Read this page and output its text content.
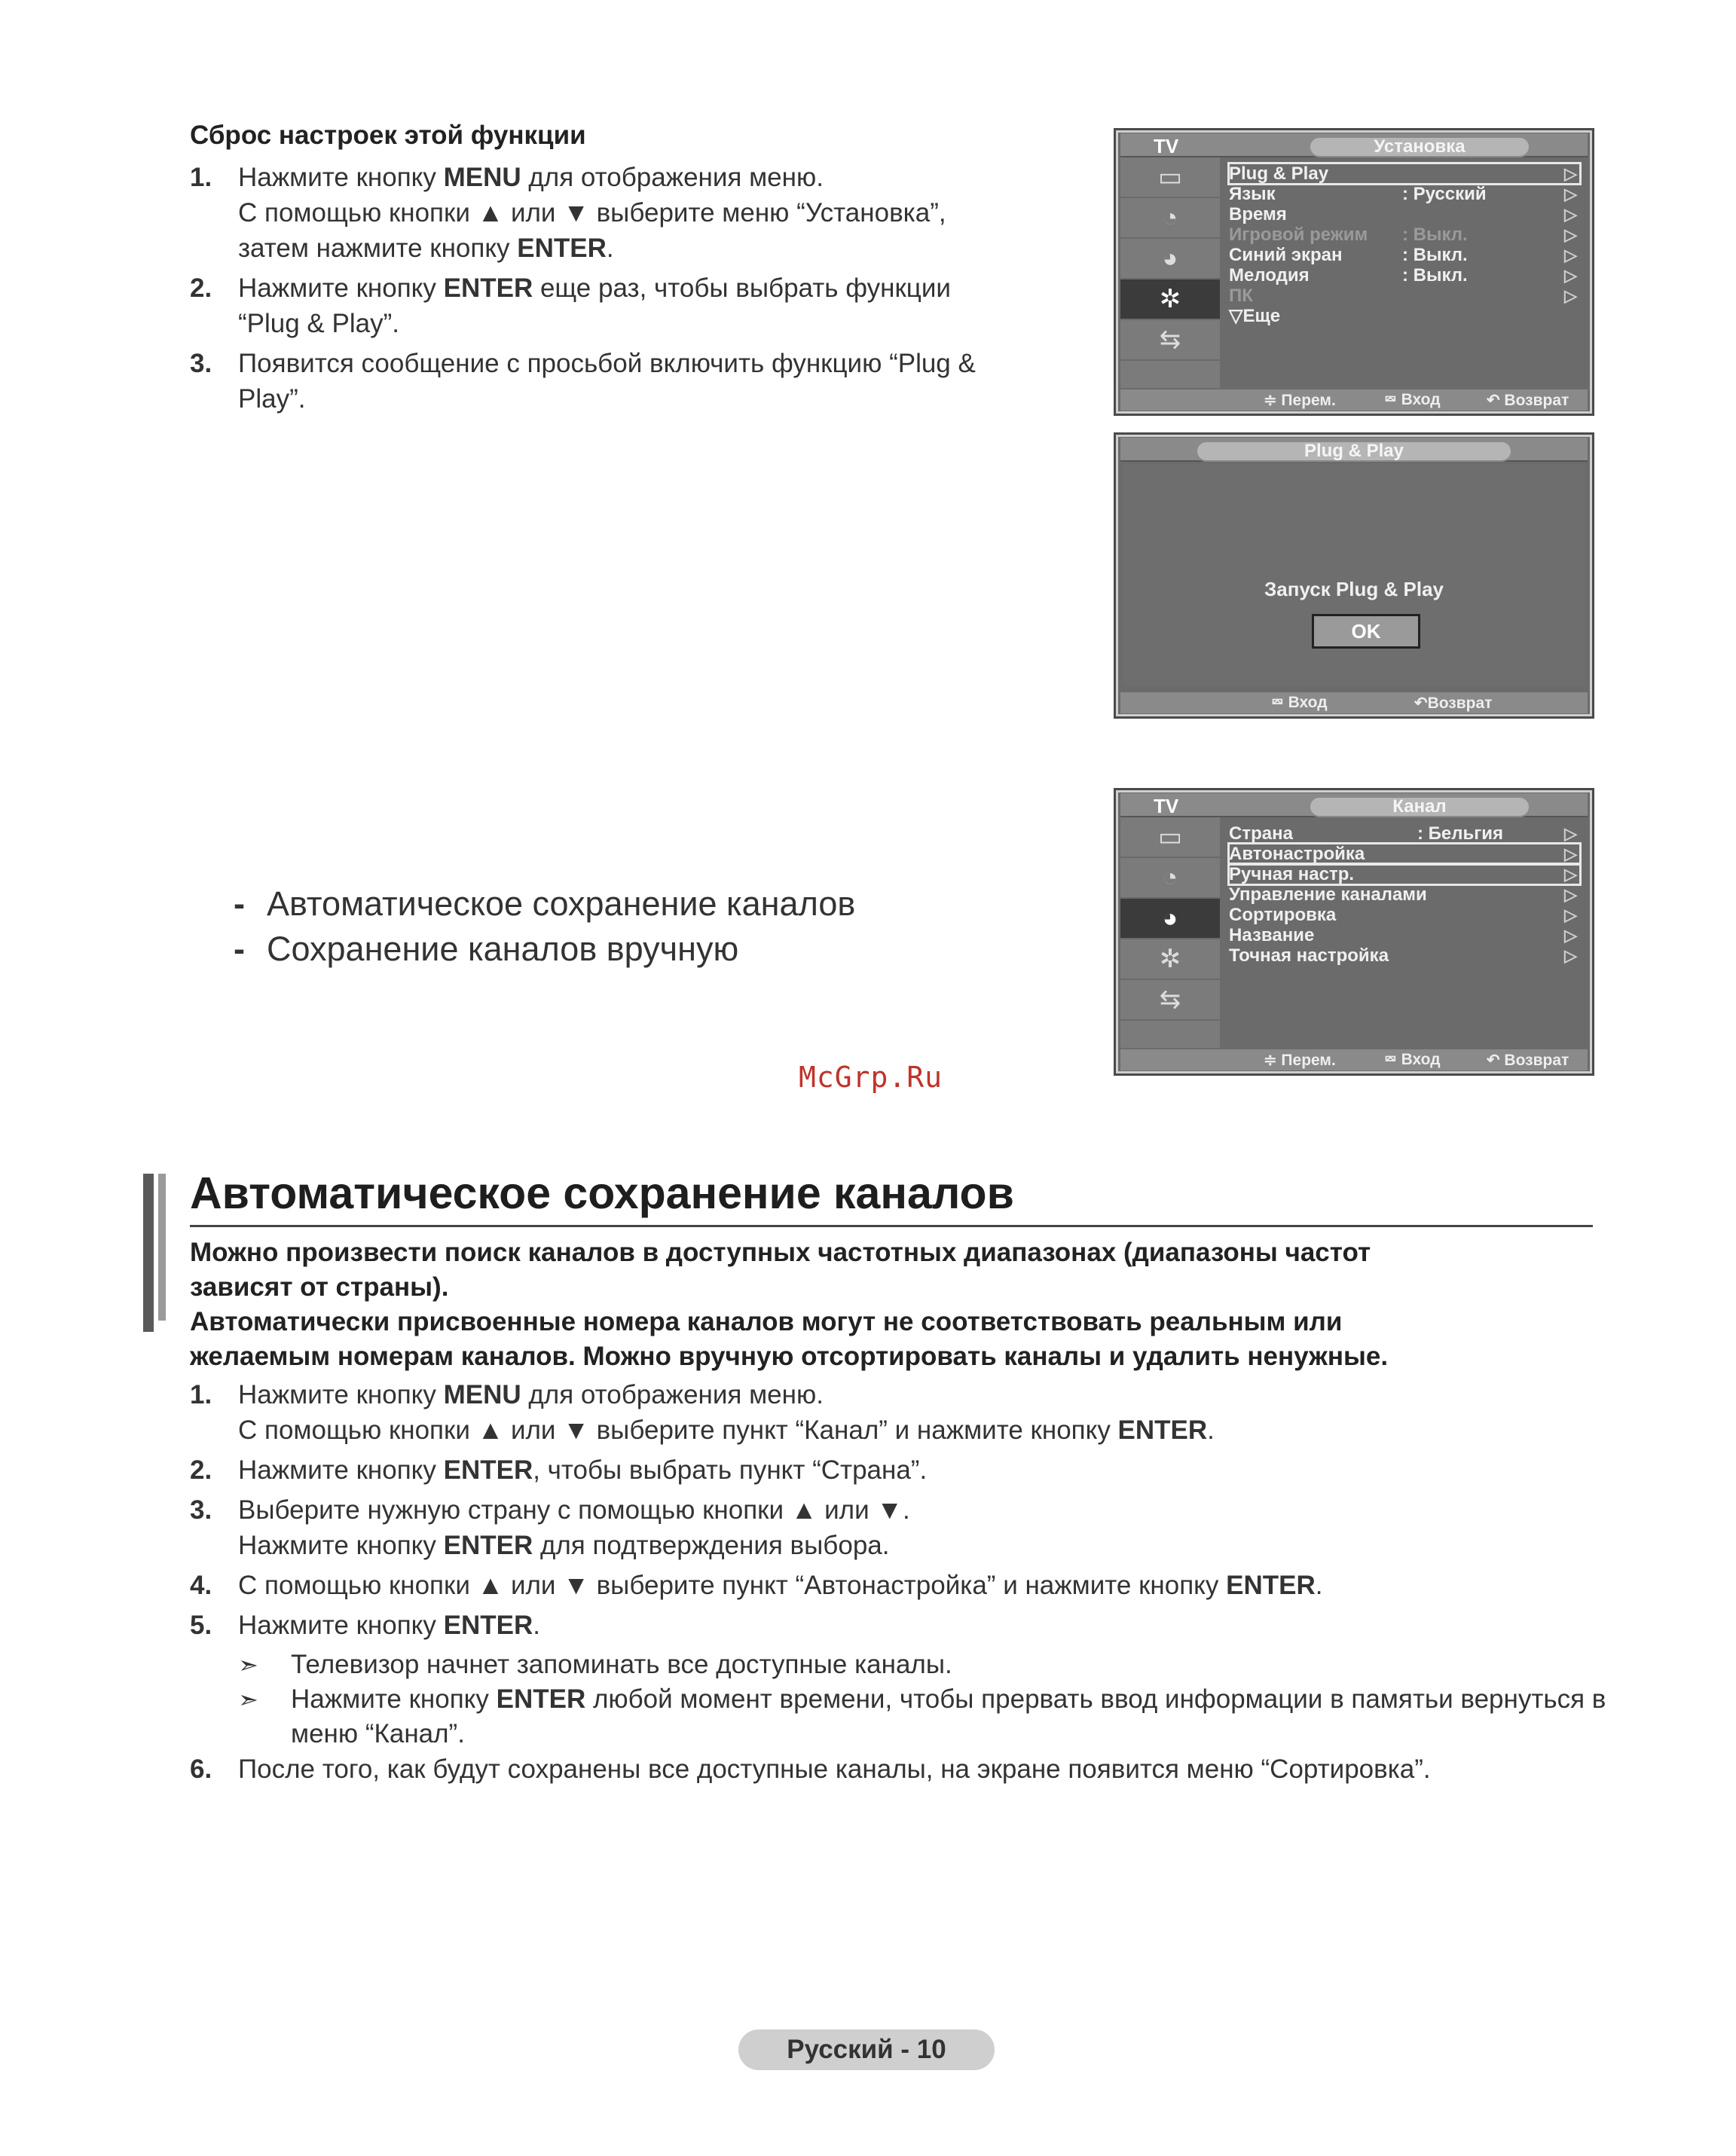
Сброс настроек этой функции
1. Нажмите кнопку MENU для отображения меню.
С помощью кнопки ▲ или ▼ выберите меню “Установка”,
затем нажмите кнопку ENTER.
2. Нажмите кнопку ENTER еще раз, чтобы выбрать функции
“Plug & Play”.
3. Появится сообщение с просьбой включить функцию “Plug &
Play”.
TV	Установка
▭
◔
◕
✲
⇆
Plug & Play	▷
Язык	: Русский	▷
Время	▷
Игровой режим : Выкл.	▷
Синий экран	: Выкл.	▷
Мелодия	: Выкл.	▷
ПК	▷
▽Еще
≑ Перем.	⮹ Вход	↶ Возврат
Plug & Play
Запуск Plug & Play
OK
⮹ Вход	↶Возврат
TV	Канал
▭
◔
◕
✲
⇆
Страна	: Бельгия	▷
Автонастройка	▷
Ручная настр.	▷
Управление каналами	▷
Сортировка	▷
Название	▷
Точная настройка	▷
≑ Перем.	⮹ Вход	↶ Возврат
- Автоматическое сохранение каналов
- Сохранение каналов вручную
McGrp.Ru
Автоматическое сохранение каналов
Можно произвести поиск каналов в доступных частотных диапазонах (диапазоны частот
зависят от страны).
Автоматически присвоенные номера каналов могут не соответствовать реальным или
желаемым номерам каналов. Можно вручную отсортировать каналы и удалить ненужные.
1. Нажмите кнопку MENU для отображения меню.
С помощью кнопки ▲ или ▼ выберите пункт “Канал” и нажмите кнопку ENTER.
2. Нажмите кнопку ENTER, чтобы выбрать пункт “Страна”.
3. Выберите нужную страну с помощью кнопки ▲ или ▼.
Нажмите кнопку ENTER для подтверждения выбора.
4. С помощью кнопки ▲ или ▼ выберите пункт “Автонастройка” и нажмите кнопку ENTER.
5. Нажмите кнопку ENTER.
➣	Телевизор начнет запоминать все доступные каналы.
➣	Нажмите кнопку ENTER любой момент времени, чтобы прервать ввод информации в памятьи вернуться в меню “Канал”.
6. После того, как будут сохранены все доступные каналы, на экране появится меню “Сортировка”.
Русский - 10
